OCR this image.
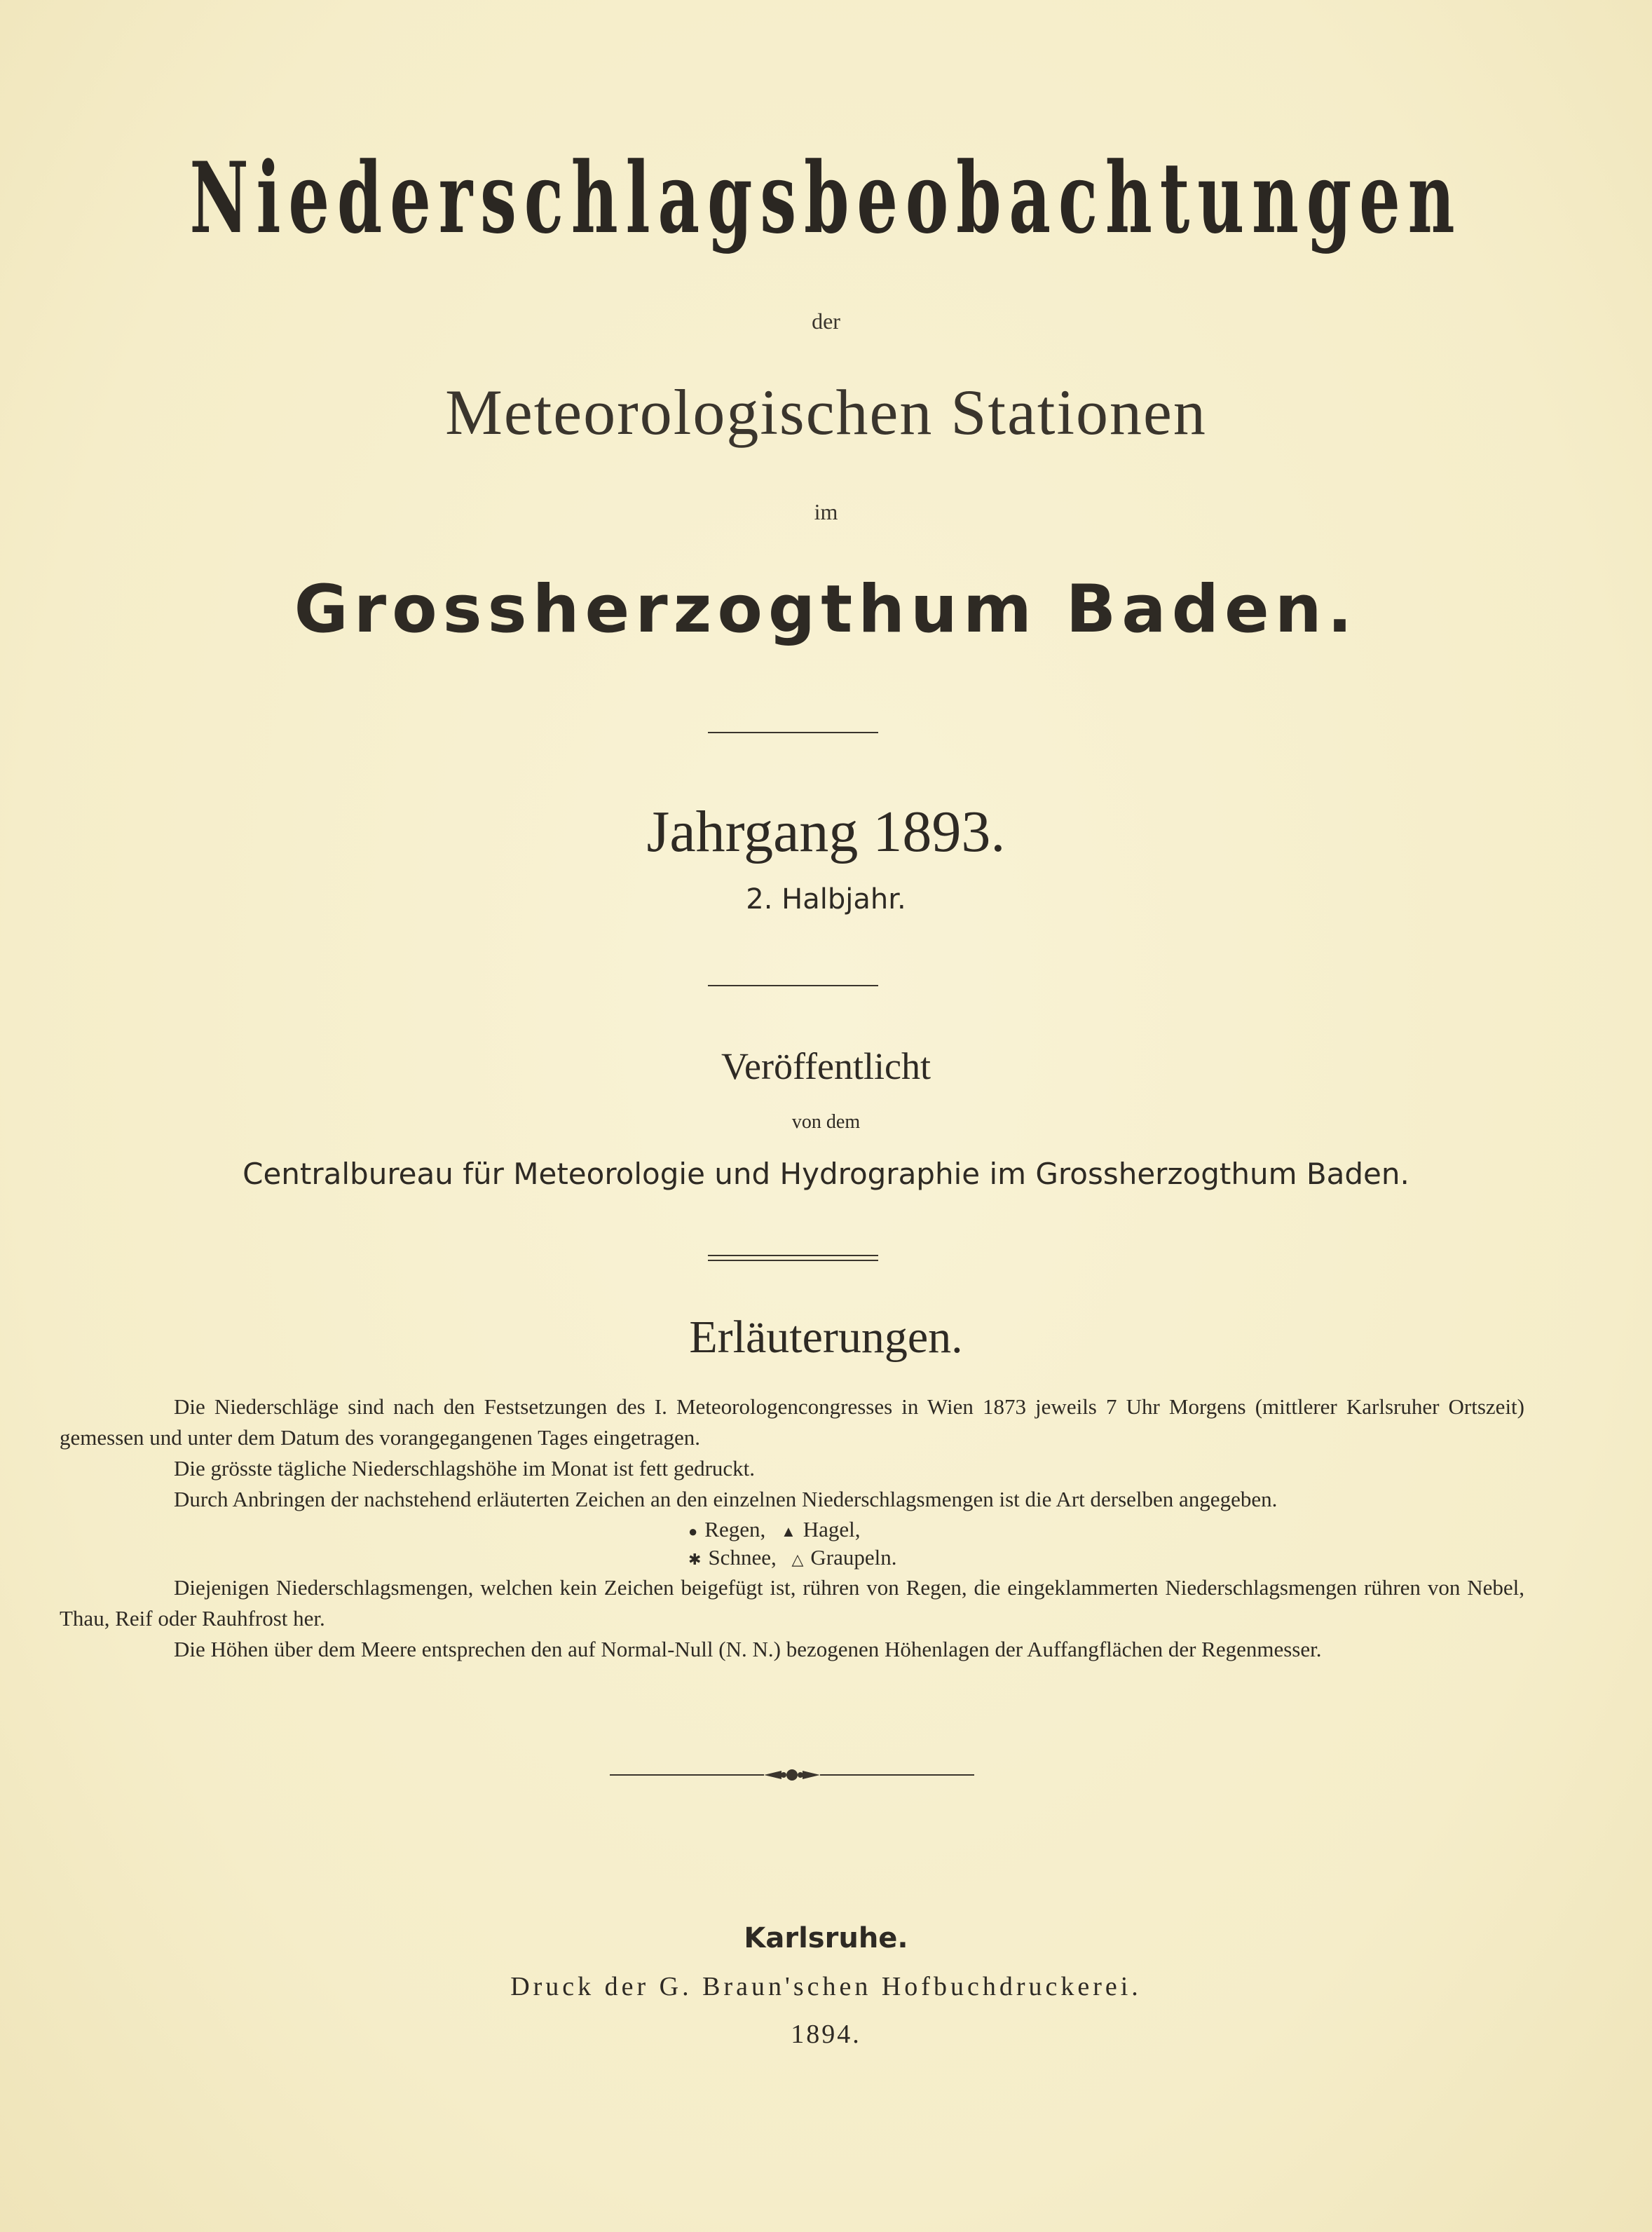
Niederschlagsbeobachtungen
der
Meteorologischen Stationen
im
Grossherzogthum Baden.
Jahrgang 1893.
2. Halbjahr.
Veröffentlicht
von dem
Centralbureau für Meteorologie und Hydrographie im Grossherzogthum Baden.
Erläuterungen.

Die Niederschläge sind nach den Festsetzungen des I. Meteorologencongresses in Wien 1873 jeweils 7 Uhr Morgens (mittlerer Karlsruher Ortszeit) gemessen und unter dem Datum des vorangegangenen Tages eingetragen.

Die grösste tägliche Niederschlagshöhe im Monat ist fett gedruckt.

Durch Anbringen der nachstehend erläuterten Zeichen an den einzelnen Niederschlagsmengen ist die Art derselben angegeben.

● Regen, ▲ Hagel,
✱ Schnee, △ Graupeln.

Diejenigen Niederschlagsmengen, welchen kein Zeichen beigefügt ist, rühren von Regen, die eingeklammerten Niederschlagsmengen rühren von Nebel, Thau, Reif oder Rauhfrost her.

Die Höhen über dem Meere entsprechen den auf Normal-Null (N. N.) bezogenen Höhenlagen der Auffangflächen der Regenmesser.

Karlsruhe.
Druck der G. Braun'schen Hofbuchdruckerei.
1894.
